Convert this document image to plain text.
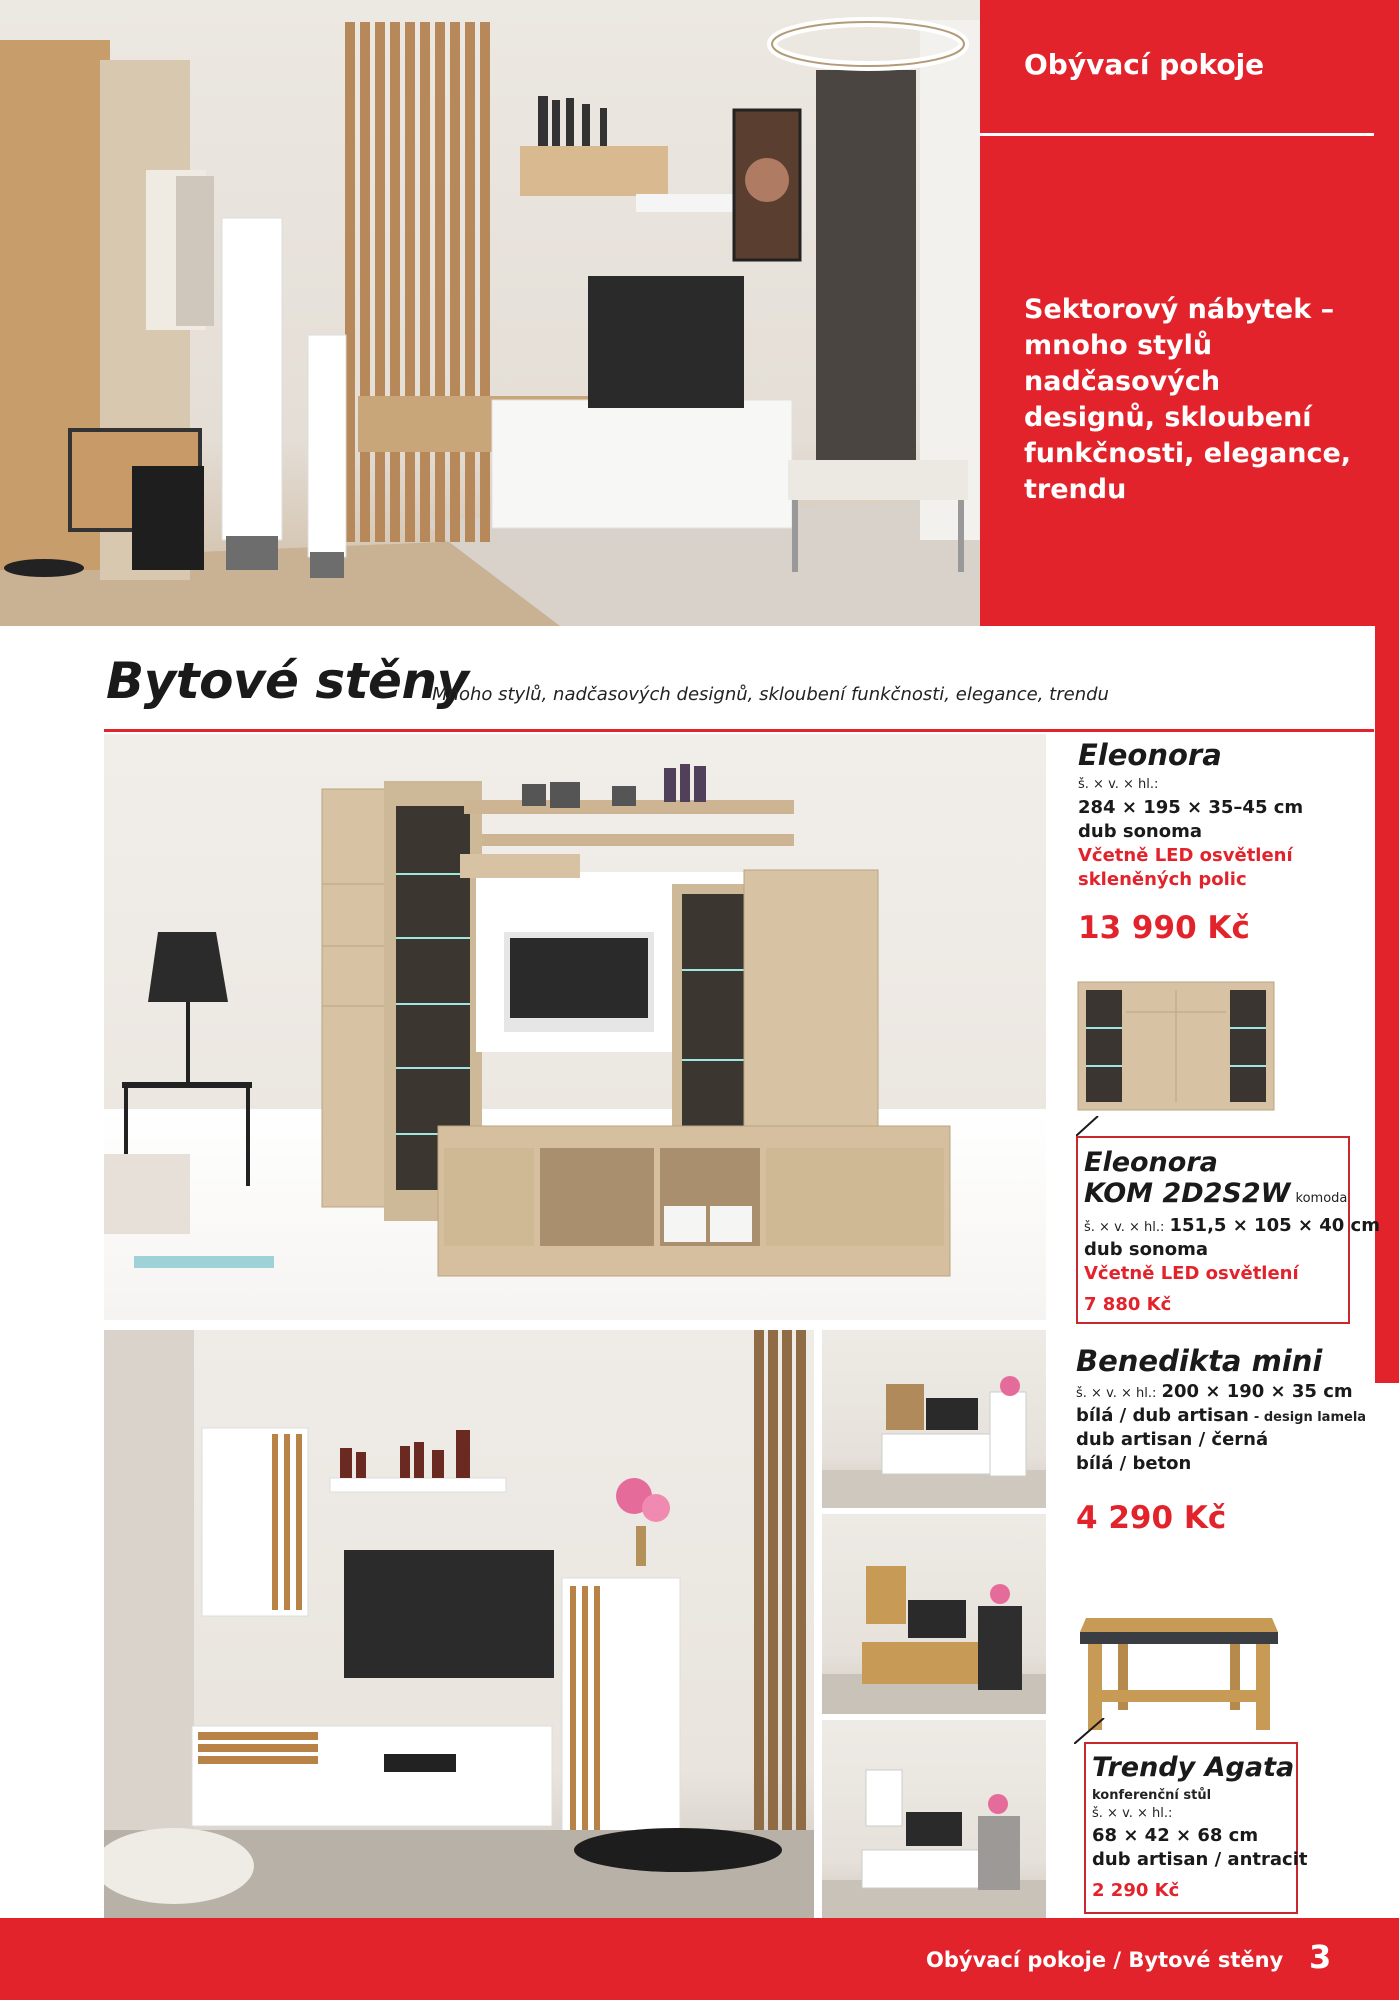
Obývací pokoje
Sektorový nábytek – mnoho stylů nadčasových designů, skloubení funkčnosti, elegance, trendu
Bytové stěny
Mnoho stylů, nadčasových designů, skloubení funkčnosti, elegance, trendu
Eleonora
š. × v. × hl.:
284 × 195 × 35–45 cm
dub sonoma
Včetně LED osvětlení
skleněných polic
13 990 Kč
Eleonora
KOM 2D2S2W komoda
š. × v. × hl.: 151,5 × 105 × 40 cm
dub sonoma
Včetně LED osvětlení
7 880 Kč
Benedikta mini
š. × v. × hl.: 200 × 190 × 35 cm
bílá / dub artisan - design lamela
dub artisan / černá
bílá / beton
4 290 Kč
Trendy Agata
konferenční stůl
š. × v. × hl.:
68 × 42 × 68 cm
dub artisan / antracit
2 290 Kč
Obývací pokoje / Bytové stěny 3
